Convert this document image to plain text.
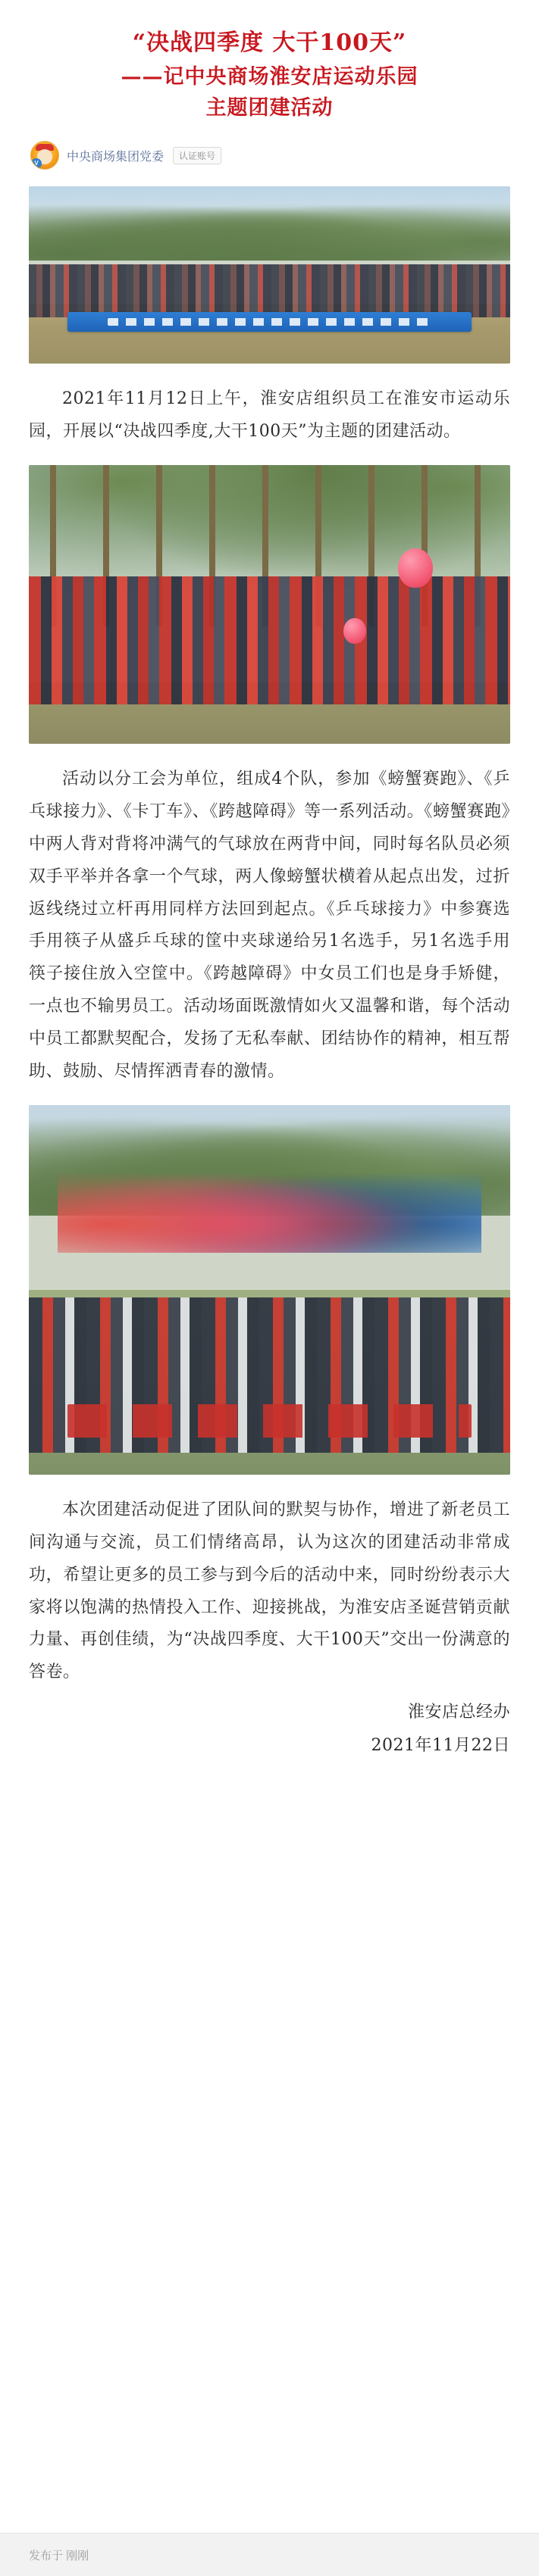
“决战四季度 大干100天”
——记中央商场淮安店运动乐园
主题团建活动
V 中央商场集团党委	认证账号

2021年11月12日上午，淮安店组织员工在淮安市运动乐园，开展以“决战四季度,大干100天”为主题的团建活动。

活动以分工会为单位，组成4个队，参加《螃蟹赛跑》、《乒乓球接力》、《卡丁车》、《跨越障碍》等一系列活动。《螃蟹赛跑》中两人背对背将冲满气的气球放在两背中间，同时每名队员必须双手平举并各拿一个气球，两人像螃蟹状横着从起点出发，过折返线绕过立杆再用同样方法回到起点。《乒乓球接力》中参赛选手用筷子从盛乒乓球的筐中夹球递给另1名选手，另1名选手用筷子接住放入空筐中。《跨越障碍》中女员工们也是身手矫健，一点也不输男员工。活动场面既激情如火又温馨和谐，每个活动中员工都默契配合，发扬了无私奉献、团结协作的精神，相互帮助、鼓励、尽情挥洒青春的激情。

本次团建活动促进了团队间的默契与协作，增进了新老员工间沟通与交流，员工们情绪高昂，认为这次的团建活动非常成功，希望让更多的员工参与到今后的活动中来，同时纷纷表示大家将以饱满的热情投入工作、迎接挑战，为淮安店圣诞营销贡献力量、再创佳绩，为“决战四季度、大干100天”交出一份满意的答卷。

淮安店总经办
2021年11月22日
发布于 刚刚
